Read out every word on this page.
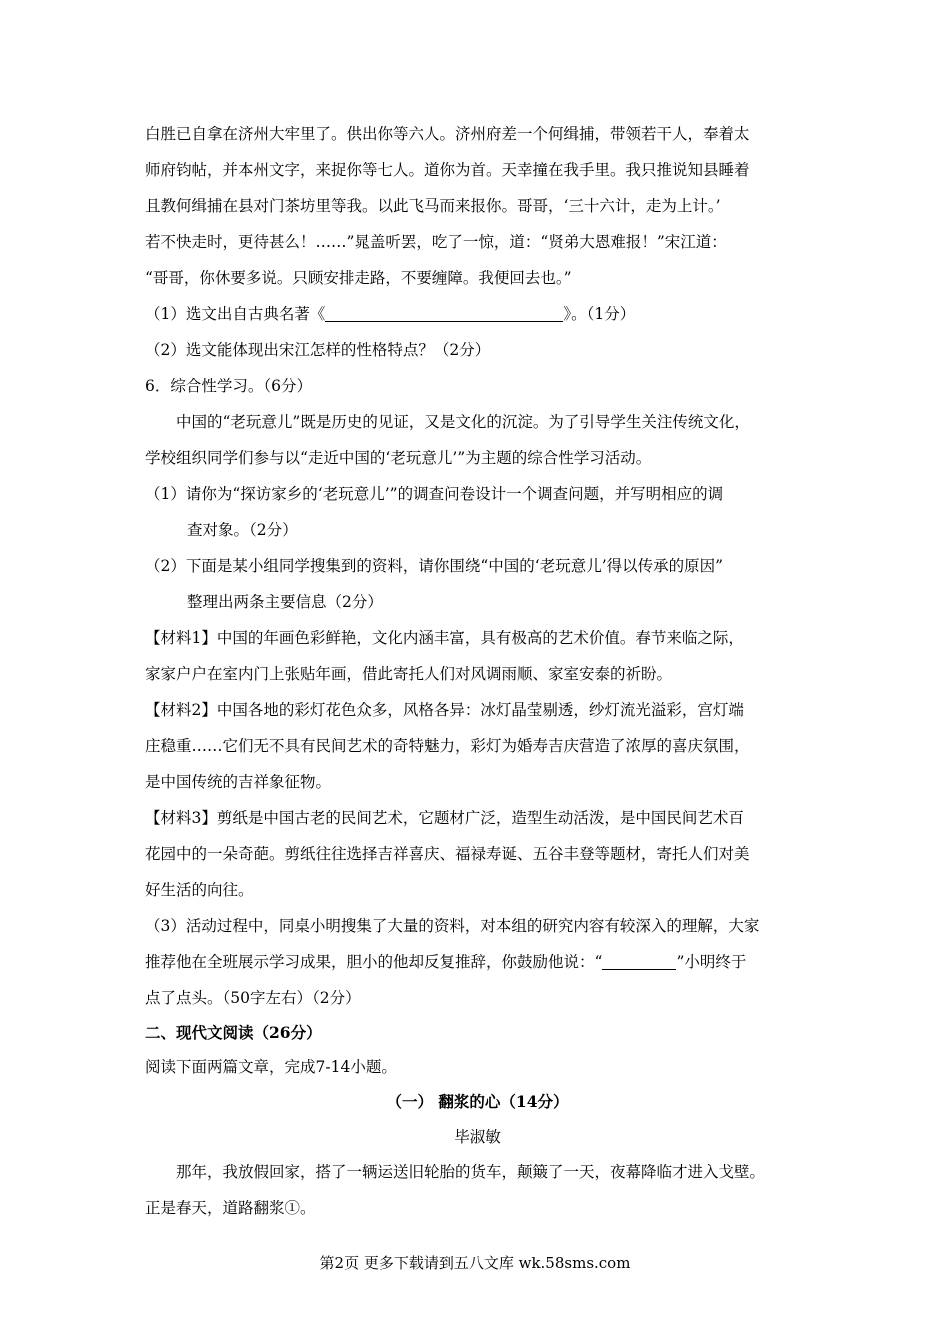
白胜已自拿在济州大牢里了。供出你等六人。济州府差一个何缉捕，带领若干人，奉着太
师府钧帖，并本州文字，来捉你等七人。道你为首。天幸撞在我手里。我只推说知县睡着
且教何缉捕在县对门茶坊里等我。以此飞马而来报你。哥哥，‘三十六计，走为上计。’
若不快走时，更待甚么！……”晁盖听罢，吃了一惊，道：“贤弟大恩难报！”宋江道：
“哥哥，你休要多说。只顾安排走路，不要缠障。我便回去也。”
（1）选文出自古典名著《	》。（1分）
（2）选文能体现出宋江怎样的性格特点？（2分）
6．综合性学习。（6分）
中国的“老玩意儿”既是历史的见证，又是文化的沉淀。为了引导学生关注传统文化，
学校组织同学们参与以“走近中国的‘老玩意儿’”为主题的综合性学习活动。
（1）请你为“探访家乡的‘老玩意儿’”的调查问卷设计一个调查问题，并写明相应的调
查对象。（2分）
（2）下面是某小组同学搜集到的资料，请你围绕“中国的‘老玩意儿’得以传承的原因”
整理出两条主要信息（2分）
【材料1】中国的年画色彩鲜艳，文化内涵丰富，具有极高的艺术价值。春节来临之际，
家家户户在室内门上张贴年画，借此寄托人们对风调雨顺、家室安泰的祈盼。
【材料2】中国各地的彩灯花色众多，风格各异：冰灯晶莹剔透，纱灯流光溢彩，宫灯端
庄稳重……它们无不具有民间艺术的奇特魅力，彩灯为婚寿吉庆营造了浓厚的喜庆氛围，
是中国传统的吉祥象征物。
【材料3】剪纸是中国古老的民间艺术，它题材广泛，造型生动活泼，是中国民间艺术百
花园中的一朵奇葩。剪纸往往选择吉祥喜庆、福禄寿诞、五谷丰登等题材，寄托人们对美
好生活的向往。
（3）活动过程中，同桌小明搜集了大量的资料，对本组的研究内容有较深入的理解，大家
推荐他在全班展示学习成果，胆小的他却反复推辞，你鼓励他说：“	”小明终于
点了点头。（50字左右）（2分）
二、现代文阅读（26分）
阅读下面两篇文章，完成7-14小题。
（一） 翻浆的心（14分）
毕淑敏
那年，我放假回家，搭了一辆运送旧轮胎的货车，颠簸了一天，夜幕降临才进入戈壁。
正是春天，道路翻浆①。
第2页 更多下载请到五八文库 wk.58sms.com
